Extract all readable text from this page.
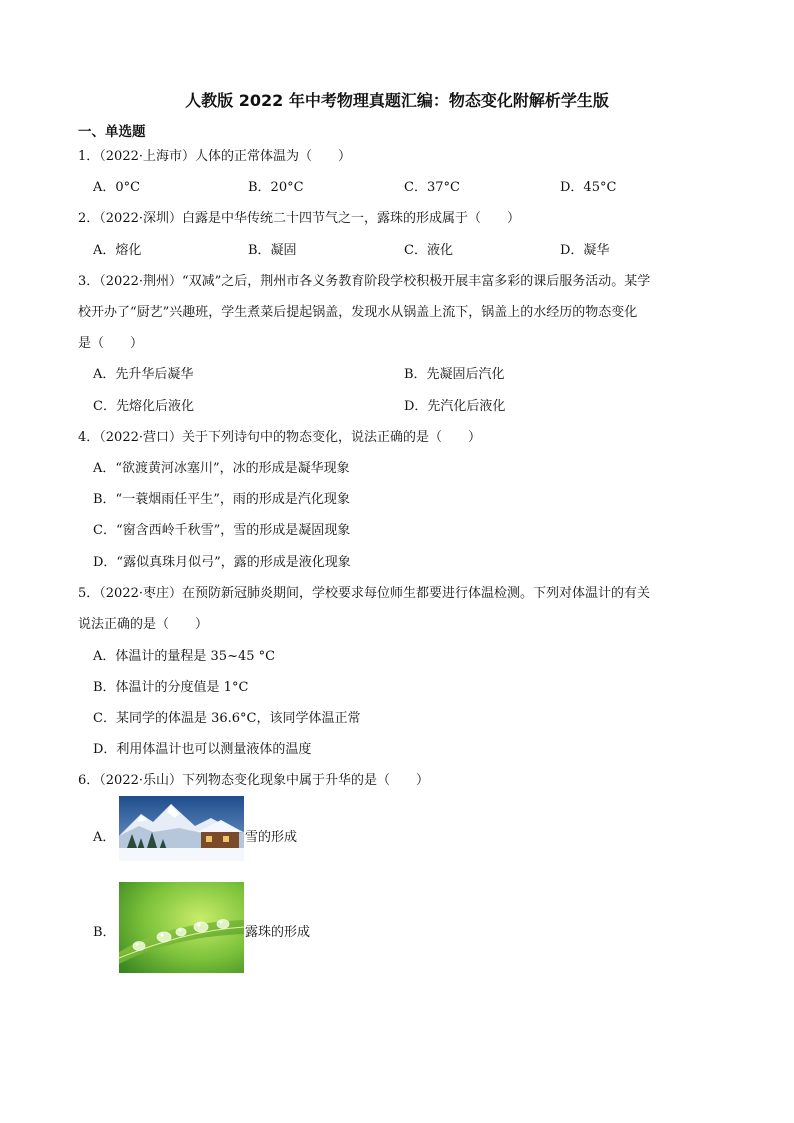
人教版 2022 年中考物理真题汇编：物态变化附解析学生版
一、单选题
1．（2022·上海市）人体的正常体温为（　　）
A．0°C	B．20°C	C．37°C	D．45°C
2．（2022·深圳）白露是中华传统二十四节气之一，露珠的形成属于（　　）
A．熔化	B．凝固	C．液化	D．凝华
3．（2022·荆州）“双减”之后，荆州市各义务教育阶段学校积极开展丰富多彩的课后服务活动。某学
校开办了“厨艺”兴趣班，学生煮菜后提起锅盖，发现水从锅盖上流下，锅盖上的水经历的物态变化
是（　　）
A．先升华后凝华	B．先凝固后汽化
C．先熔化后液化	D．先汽化后液化
4．（2022·营口）关于下列诗句中的物态变化，说法正确的是（　　）
A．“欲渡黄河冰塞川”，冰的形成是凝华现象
B．“一蓑烟雨任平生”，雨的形成是汽化现象
C．“窗含西岭千秋雪”，雪的形成是凝固现象
D．“露似真珠月似弓”，露的形成是液化现象
5．（2022·枣庄）在预防新冠肺炎期间，学校要求每位师生都要进行体温检测。下列对体温计的有关
说法正确的是（　　）
A．体温计的量程是 35~45 °C
B．体温计的分度值是 1°C
C．某同学的体温是 36.6°C，该同学体温正常
D．利用体温计也可以测量液体的温度
6．（2022·乐山）下列物态变化现象中属于升华的是（　　）
A．	雪的形成
B．	露珠的形成
